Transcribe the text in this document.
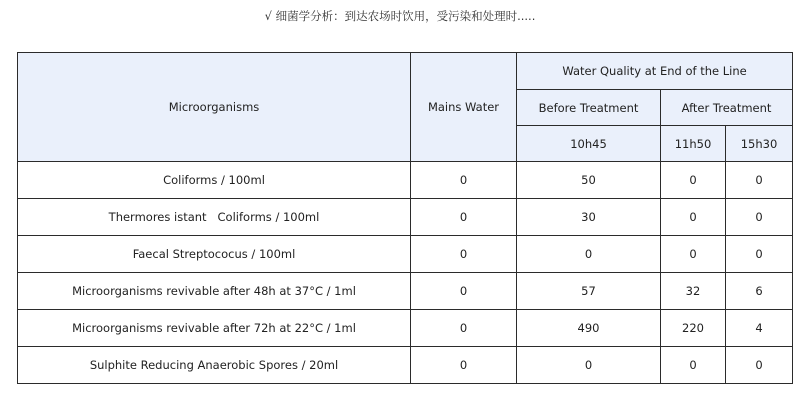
√ 细菌学分析：到达农场时饮用，受污染和处理时.....
Microorganisms	Mains Water	Water Quality at End of the Line		
		Before Treatment	After Treatment	
		10h45	11h50	15h30
Coliforms / 100ml	0	50	0	0
Thermores istant   Coliforms / 100ml	0	30	0	0
Faecal Streptococus / 100ml	0	0	0	0
Microorganisms revivable after 48h at 37°C / 1ml	0	57	32	6
Microorganisms revivable after 72h at 22°C / 1ml	0	490	220	4
Sulphite Reducing Anaerobic Spores / 20ml	0	0	0	0
